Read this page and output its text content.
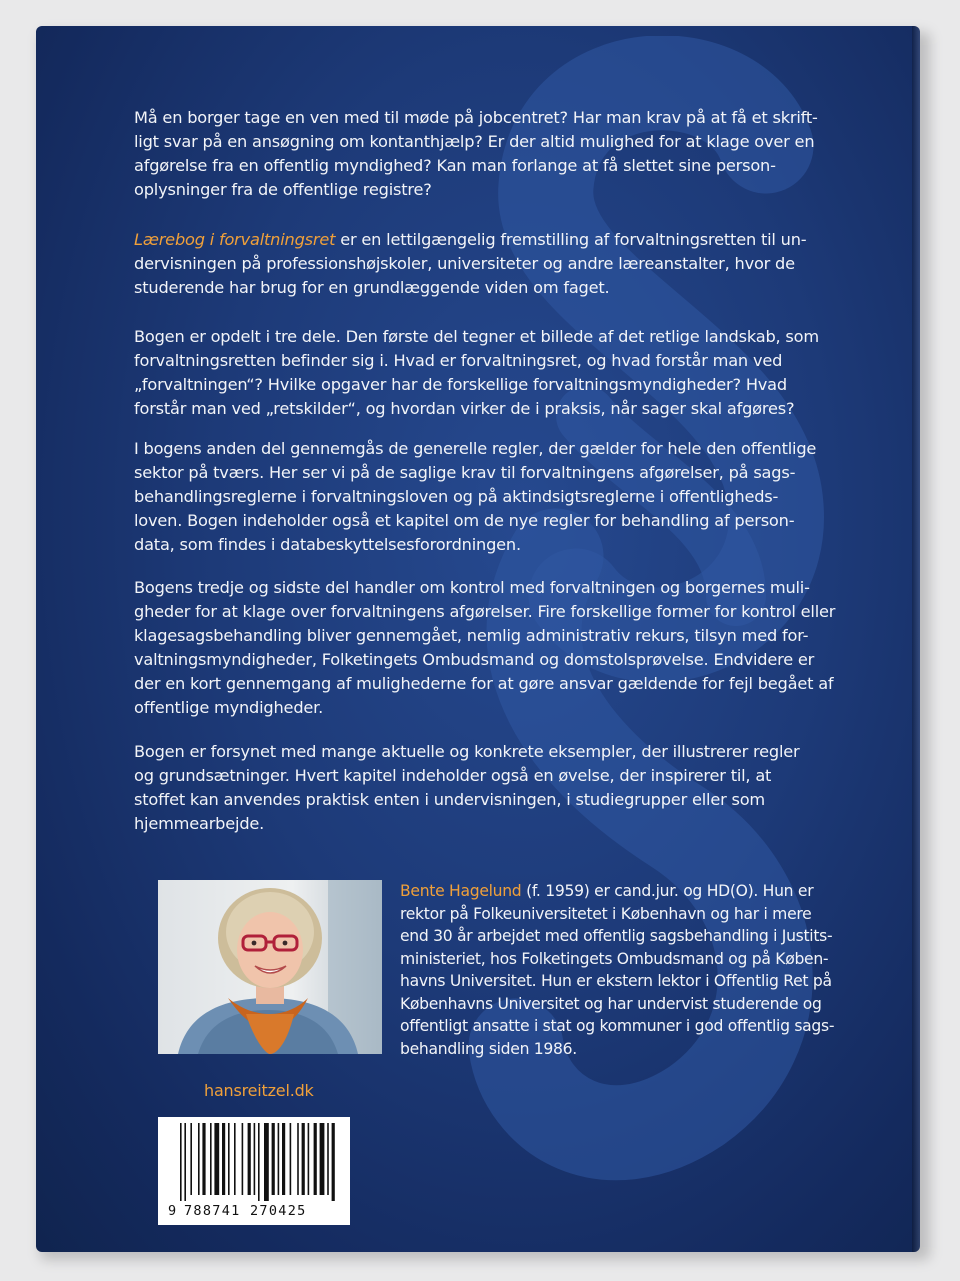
Må en borger tage en ven med til møde på jobcentret? Har man krav på at få et skrift-
ligt svar på en ansøgning om kontanthjælp? Er der altid mulighed for at klage over en
afgørelse fra en offentlig myndighed? Kan man forlange at få slettet sine person-
oplysninger fra de offentlige registre?
Lærebog i forvaltningsret er en lettilgængelig fremstilling af forvaltningsretten til un-
dervisningen på professionshøjskoler, universiteter og andre læreanstalter, hvor de
studerende har brug for en grundlæggende viden om faget.
Bogen er opdelt i tre dele. Den første del tegner et billede af det retlige landskab, som
forvaltningsretten befinder sig i. Hvad er forvaltningsret, og hvad forstår man ved
„forvaltningen“? Hvilke opgaver har de forskellige forvaltningsmyndigheder? Hvad
forstår man ved „retskilder“, og hvordan virker de i praksis, når sager skal afgøres?
I bogens anden del gennemgås de generelle regler, der gælder for hele den offentlige
sektor på tværs. Her ser vi på de saglige krav til forvaltningens afgørelser, på sags-
behandlingsreglerne i forvaltningsloven og på aktindsigtsreglerne i offentligheds-
loven. Bogen indeholder også et kapitel om de nye regler for behandling af person-
data, som findes i databeskyttelsesforordningen.
Bogens tredje og sidste del handler om kontrol med forvaltningen og borgernes muli-
gheder for at klage over forvaltningens afgørelser. Fire forskellige former for kontrol eller
klagesagsbehandling bliver gennemgået, nemlig administrativ rekurs, tilsyn med for-
valtningsmyndigheder, Folketingets Ombudsmand og domstolsprøvelse. Endvidere er
der en kort gennemgang af mulighederne for at gøre ansvar gældende for fejl begået af
offentlige myndigheder.
Bogen er forsynet med mange aktuelle og konkrete eksempler, der illustrerer regler
og grundsætninger. Hvert kapitel indeholder også en øvelse, der inspirerer til, at
stoffet kan anvendes praktisk enten i undervisningen, i studiegrupper eller som
hjemmearbejde.
Bente Hagelund (f. 1959) er cand.jur. og HD(O). Hun er
rektor på Folkeuniversitetet i København og har i mere
end 30 år arbejdet med offentlig sagsbehandling i Justits-
ministeriet, hos Folketingets Ombudsmand og på Køben-
havns Universitet. Hun er ekstern lektor i Offentlig Ret på
Københavns Universitet og har undervist studerende og
offentligt ansatte i stat og kommuner i god offentlig sags-
behandling siden 1986.
hansreitzel.dk
9 788741 270425
